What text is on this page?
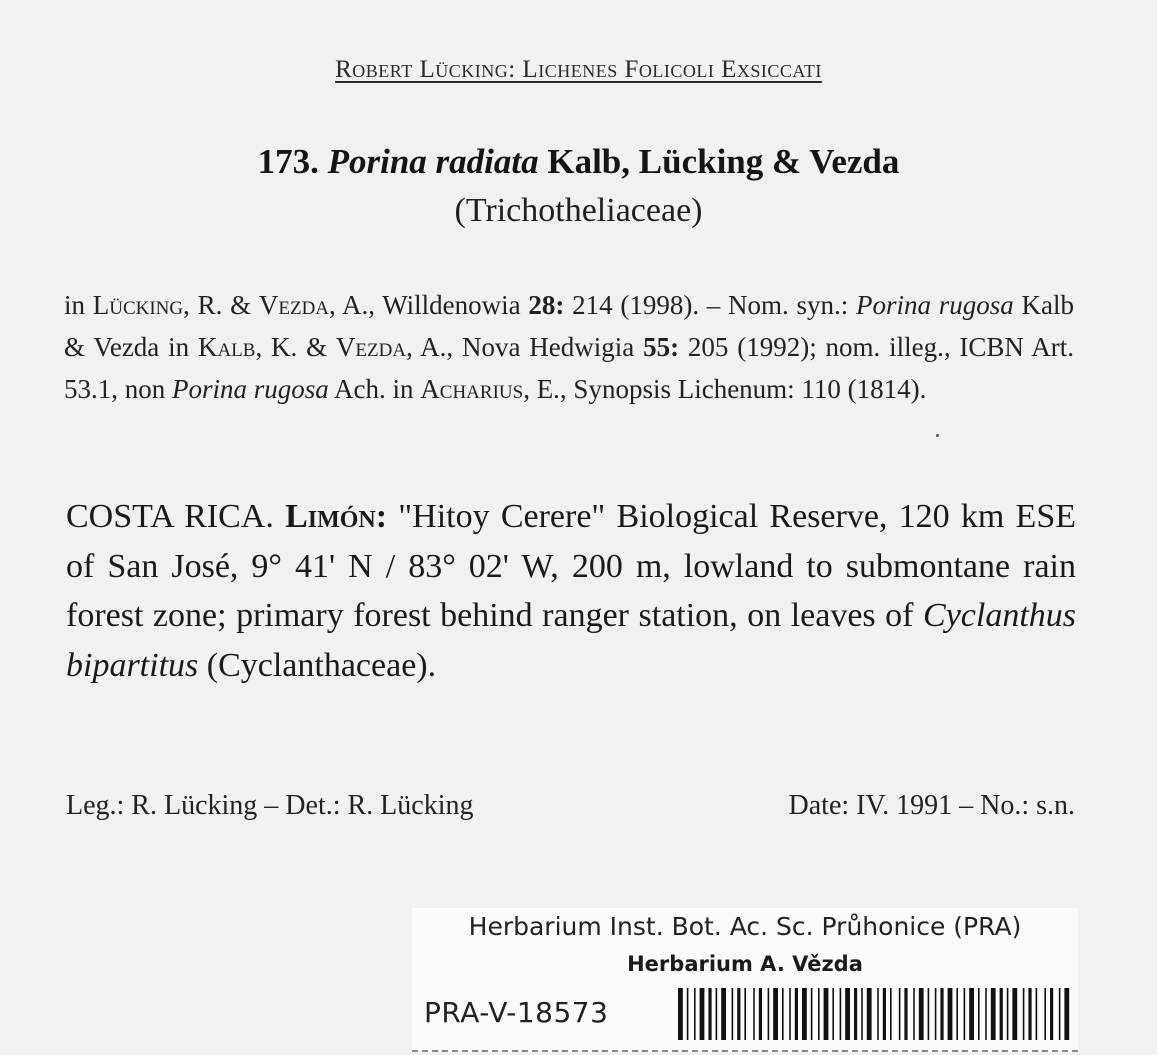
Robert Lücking: Lichenes Folicoli Exsiccati
173. Porina radiata Kalb, Lücking & Vezda
(Trichotheliaceae)
in Lücking, R. & Vezda, A., Willdenowia 28: 214 (1998). – Nom. syn.: Porina rugosa Kalb & Vezda in Kalb, K. & Vezda, A., Nova Hedwigia 55: 205 (1992); nom. illeg., ICBN Art. 53.1, non Porina rugosa Ach. in Acharius, E., Synopsis Lichenum: 110 (1814).
COSTA RICA. Limón: "Hitoy Cerere" Biological Reserve, 120 km ESE of San José, 9° 41' N / 83° 02' W, 200 m, lowland to submontane rain forest zone; primary forest behind ranger station, on leaves of Cyclanthus bipartitus (Cyclanthaceae).
Leg.: R. Lücking – Det.: R. Lücking	Date: IV. 1991 – No.: s.n.
Herbarium Inst. Bot. Ac. Sc. Průhonice (PRA)
Herbarium A. Vězda
PRA-V-18573
